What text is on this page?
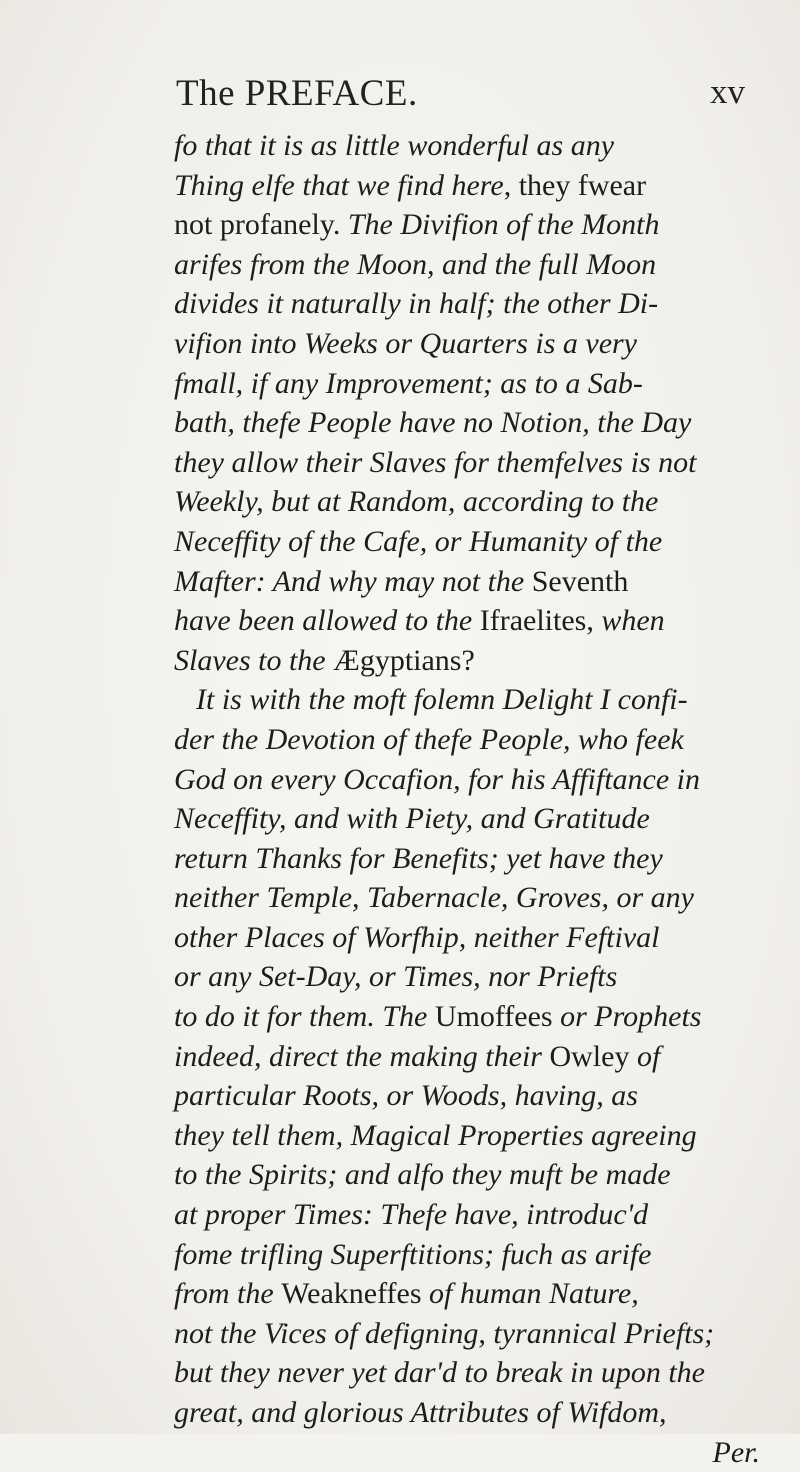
The PREFACE.	xv
fo that it is as little wonderful as any
Thing elfe that we find here, they fwear
not profanely. The Divifion of the Month
arifes from the Moon, and the full Moon
divides it naturally in half; the other Di-
vifion into Weeks or Quarters is a very
fmall, if any Improvement; as to a Sab-
bath, thefe People have no Notion, the Day
they allow their Slaves for themfelves is not
Weekly, but at Random, according to the
Neceffity of the Cafe, or Humanity of the
Mafter: And why may not the Seventh
have been allowed to the Ifraelites, when
Slaves to the Ægyptians?
It is with the moft folemn Delight I confi-
der the Devotion of thefe People, who feek
God on every Occafion, for his Affiftance in
Neceffity, and with Piety, and Gratitude
return Thanks for Benefits; yet have they
neither Temple, Tabernacle, Groves, or any
other Places of Worfhip, neither Feftival
or any Set-Day, or Times, nor Priefts
to do it for them. The Umoffees or Prophets
indeed, direct the making their Owley of
particular Roots, or Woods, having, as
they tell them, Magical Properties agreeing
to the Spirits; and alfo they muft be made
at proper Times: Thefe have, introduc'd
fome trifling Superftitions; fuch as arife
from the Weakneffes of human Nature,
not the Vices of defigning, tyrannical Priefts;
but they never yet dar'd to break in upon the
great, and glorious Attributes of Wifdom,
Per.
